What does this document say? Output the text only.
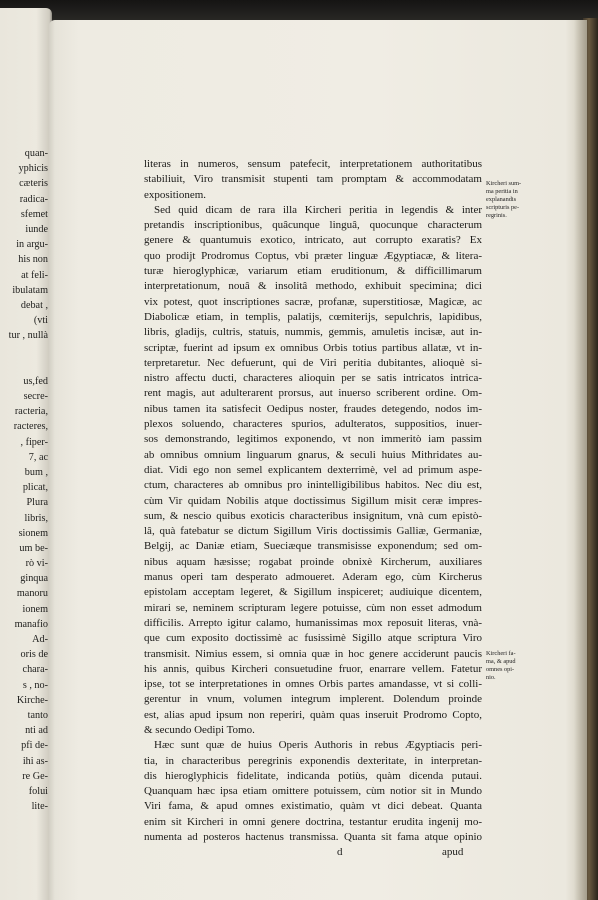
quan-
yphicis
cæteris
radica-
sfemet
iunde
in argu-
his non
at feli-
ibulatam
debat ,
(vti
tur , nullà
us,fed
secre-
racteria,
racteres,
, fiper-
7, ac
bum ,
plicat,
Plura
libris,
sionem
um be-
rò vi-
ginqua
manoru
ionem
manafio
Ad-
oris de
chara-
s , no-
Kirche-
tanto
nti ad
pfi de-
ihi as-
re Ge-
folui
lite-
literas in numeros, sensum patefecit, interpretationem authoritatibus
stabiliuit, Viro transmisit stupenti tam promptam & accommodatam
expositionem.
Sed quid dicam de rara illa Kircheri peritia in legendis & inter
pretandis inscriptionibus, quâcunque linguâ, quocunque characterum
genere & quantumuis exotico, intricato, aut corrupto exaratis? Ex
quo prodijt Prodromus Coptus, vbi præter linguæ Ægyptiacæ, & litera-
turæ hieroglyphicæ, variarum etiam eruditionum, & difficillimarum
interpretationum, nouâ & insolitâ methodo, exhibuit specimina; dici
vix potest, quot inscriptiones sacræ, profanæ, superstitiosæ, Magicæ, ac
Diabolicæ etiam, in templis, palatijs, cœmiterijs, sepulchris, lapidibus,
libris, gladijs, cultris, statuis, nummis, gemmis, amuletis incisæ, aut in-
scriptæ, fuerint ad ipsum ex omnibus Orbis totius partibus allatæ, vt in-
terpretaretur. Nec defuerunt, qui de Viri peritia dubitantes, alioquè si-
nistro affectu ducti, characteres alioquin per se satis intricatos intrica-
rent magis, aut adulterarent prorsus, aut inuerso scriberent ordine. Om-
nibus tamen ita satisfecit Oedipus noster, fraudes detegendo, nodos im-
plexos soluendo, characteres spurios, adulteratos, suppositios, inuer-
sos demonstrando, legitimos exponendo, vt non immeritò iam passim
ab omnibus omnium linguarum gnarus, & seculi huius Mithridates au-
diat. Vidi ego non semel explicantem dexterrimè, vel ad primum aspe-
ctum, characteres ab omnibus pro inintelligibilibus habitos. Nec diu est,
cùm Vir quidam Nobilis atque doctissimus Sigillum misit ceræ impres-
sum, & nescio quibus exoticis characteribus insignitum, vnà cum epistò-
lâ, quà fatebatur se dictum Sigillum Viris doctissimis Galliæ, Germaniæ,
Belgij, ac Daniæ etiam, Sueciæque transmisisse exponendum; sed om-
nibus aquam hæsisse; rogabat proinde obnixè Kircherum, auxiliares
manus operi tam desperato admoueret. Aderam ego, cùm Kircherus
epistolam acceptam legeret, & Sigillum inspiceret; audiuique dicentem,
mirari se, neminem scripturam legere potuisse, cùm non esset admodum
difficilis. Arrepto igitur calamo, humanissimas mox reposuit literas, vnà-
que cum exposito doctissimè ac fusissimè Sigillo atque scriptura Viro
transmisit. Nimius essem, si omnia quæ in hoc genere acciderunt paucis
his annis, quibus Kircheri consuetudine fruor, enarrare vellem. Fatetur
ipse, tot se interpretationes in omnes Orbis partes amandasse, vt si colli-
gerentur in vnum, volumen integrum implerent. Dolendum proinde
est, alias apud ipsum non reperiri, quàm quas inseruit Prodromo Copto,
& secundo Oedipi Tomo.
Hæc sunt quæ de huius Operis Authoris in rebus Ægyptiacis peri-
tia, in characteribus peregrinis exponendis dexteritate, in interpretan-
dis hieroglyphicis fidelitate, indicanda potiùs, quàm dicenda putaui.
Quanquam hæc ipsa etiam omittere potuissem, cùm notior sit in Mundo
Viri fama, & apud omnes existimatio, quàm vt dici debeat. Quanta
enim sit Kircheri in omni genere doctrina, testantur erudita ingenij mo-
numenta ad posteros hactenus transmissa. Quanta sit fama atque opinio
d	apud
Kircheri sum-
ma peritia in
explanandis
scripturis pe-
regrinis.
Kircheri fa-
ma, & apud
omnes opi-
nio.
